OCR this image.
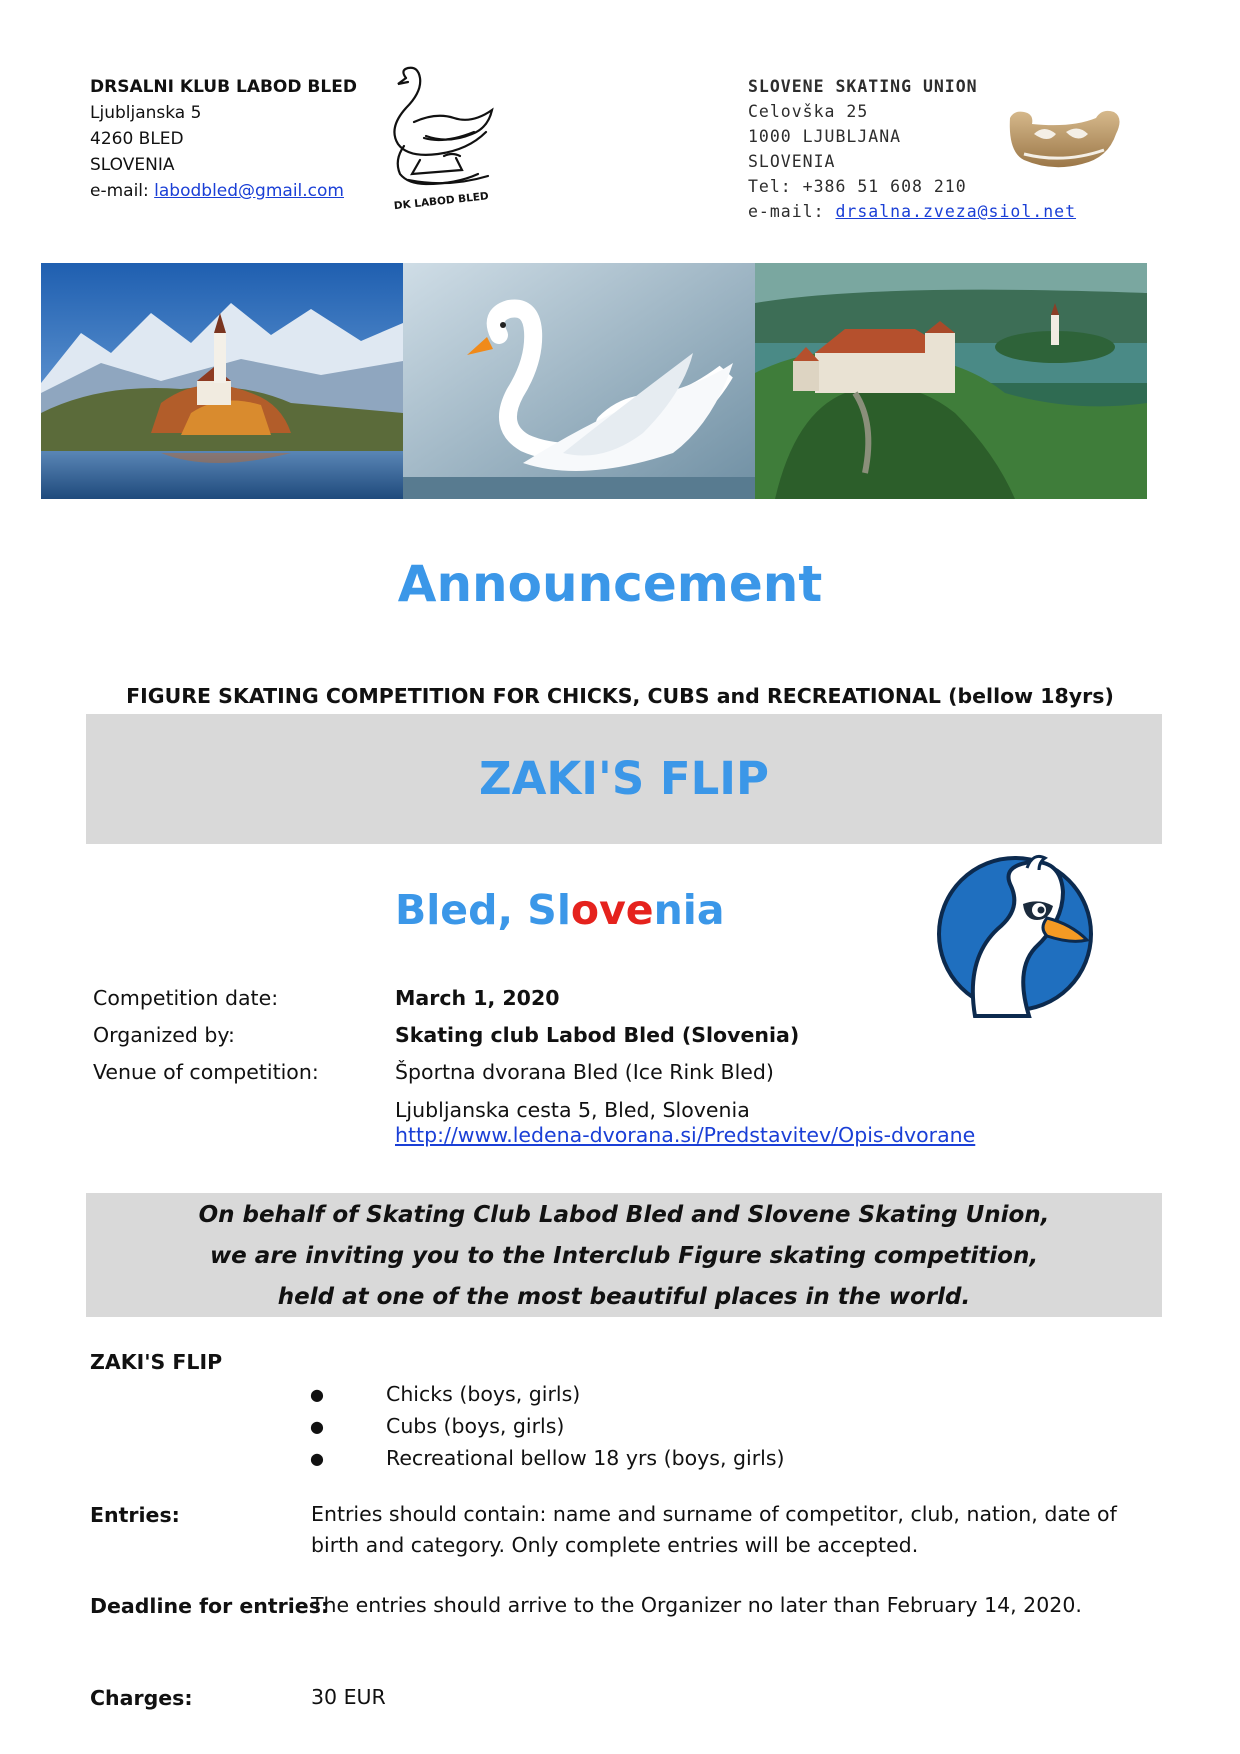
DRSALNI KLUB LABOD BLED
Ljubljanska 5
4260 BLED
SLOVENIA
e-mail: labodbled@gmail.com	DK LABOD BLED
SLOVENE SKATING UNION
Celovška 25
1000 LJUBLJANA
SLOVENIA
Tel: +386 51 608 210
e-mail: drsalna.zveza@siol.net
Announcement
FIGURE SKATING COMPETITION FOR CHICKS, CUBS and RECREATIONAL (bellow 18yrs)
ZAKI'S FLIP
Bled, Slovenia
Competition date:	March 1, 2020
Organized by:	Skating club Labod Bled (Slovenia)
Venue of competition:	Športna dvorana Bled (Ice Rink Bled)
Ljubljanska cesta 5, Bled, Slovenia
http://www.ledena-dvorana.si/Predstavitev/Opis-dvorane
On behalf of Skating Club Labod Bled and Slovene Skating Union,
we are inviting you to the Interclub Figure skating competition,
held at one of the most beautiful places in the world.
ZAKI'S FLIP
●	Chicks (boys, girls)
●	Cubs (boys, girls)
●	Recreational bellow 18 yrs (boys, girls)
Entries:	Entries should contain: name and surname of competitor, club, nation, date of birth and category. Only complete entries will be accepted.
Deadline for entries:
The entries should arrive to the Organizer no later than February 14, 2020.
Charges:	30 EUR
